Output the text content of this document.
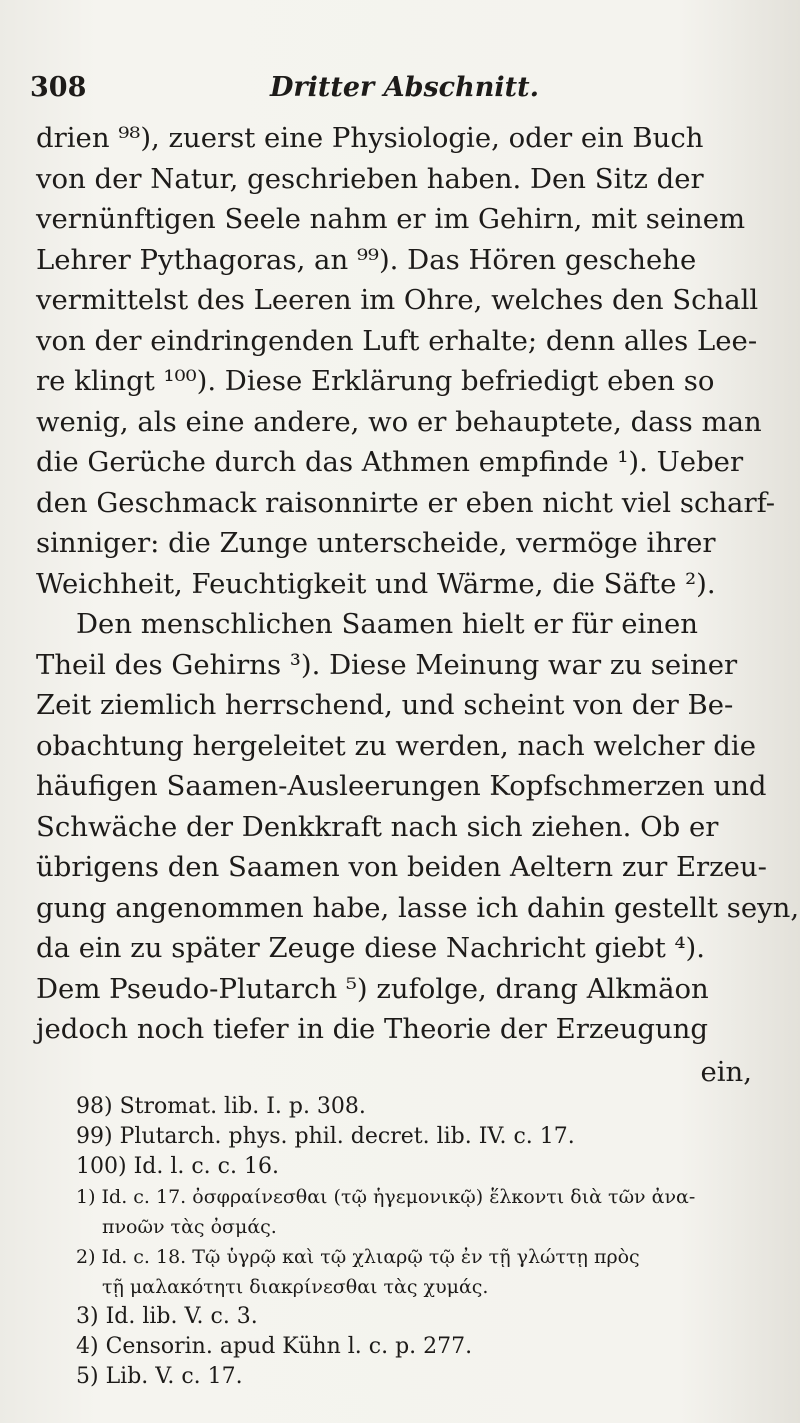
308	Dritter Abschnitt.
drien ⁹⁸), zuerst eine Physiologie, oder ein Buch
von der Natur, geschrieben haben. Den Sitz der
vernünftigen Seele nahm er im Gehirn, mit seinem
Lehrer Pythagoras, an ⁹⁹). Das Hören geschehe
vermittelst des Leeren im Ohre, welches den Schall
von der eindringenden Luft erhalte; denn alles Lee-
re klingt ¹⁰⁰). Diese Erklärung befriedigt eben so
wenig, als eine andere, wo er behauptete, dass man
die Gerüche durch das Athmen empfinde ¹). Ueber
den Geschmack raisonnirte er eben nicht viel scharf-
sinniger: die Zunge unterscheide, vermöge ihrer
Weichheit, Feuchtigkeit und Wärme, die Säfte ²).
Den menschlichen Saamen hielt er für einen
Theil des Gehirns ³). Diese Meinung war zu seiner
Zeit ziemlich herrschend, und scheint von der Be-
obachtung hergeleitet zu werden, nach welcher die
häufigen Saamen-Ausleerungen Kopfschmerzen und
Schwäche der Denkkraft nach sich ziehen. Ob er
übrigens den Saamen von beiden Aeltern zur Erzeu-
gung angenommen habe, lasse ich dahin gestellt seyn,
da ein zu später Zeuge diese Nachricht giebt ⁴).
Dem Pseudo-Plutarch ⁵) zufolge, drang Alkmäon
jedoch noch tiefer in die Theorie der Erzeugung
ein,
98) Stromat. lib. I. p. 308.
99) Plutarch. phys. phil. decret. lib. IV. c. 17.
100) Id. l. c. c. 16.
1) Id. c. 17. ὀσφραίνεσθαι (τῷ ἡγεμονικῷ) ἕλκοντι διὰ τῶν ἀνα-
πνοῶν τὰς ὀσμάς.
2) Id. c. 18. Τῷ ὑγρῷ καὶ τῷ χλιαρῷ τῷ ἐν τῇ γλώττῃ πρὸς
τῇ μαλακότητι διακρίνεσθαι τὰς χυμάς.
3) Id. lib. V. c. 3.
4) Censorin. apud Kühn l. c. p. 277.
5) Lib. V. c. 17.
